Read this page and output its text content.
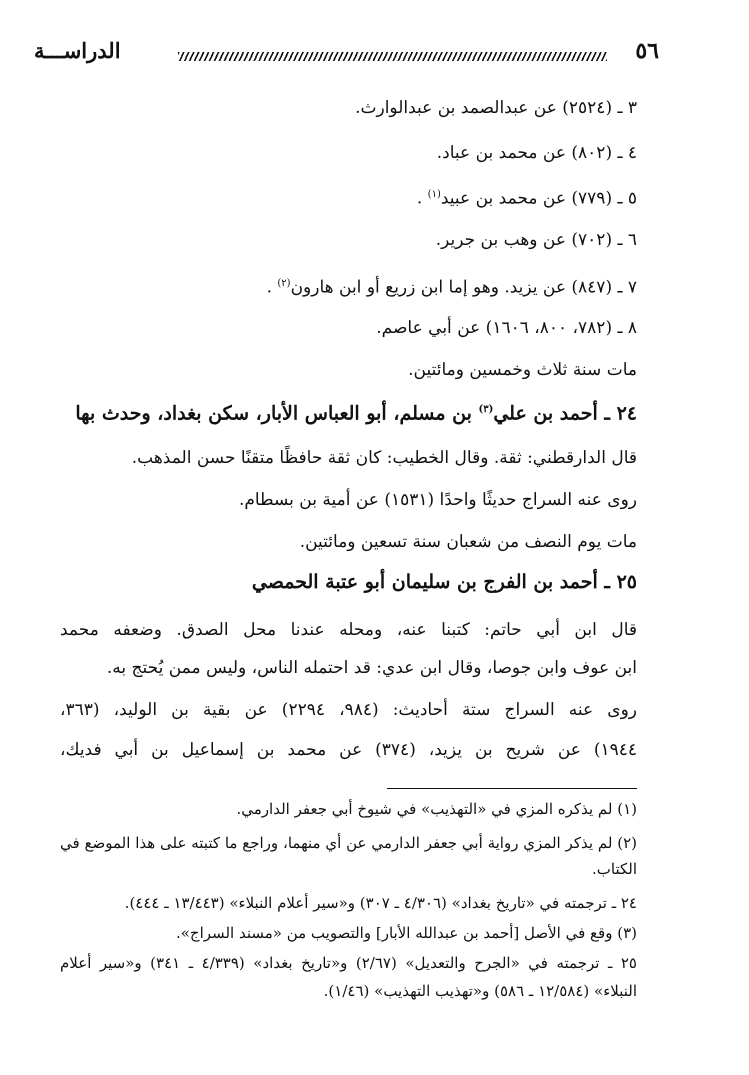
٥٦
الدراســـة
٣ ـ (٢٥٢٤) عن عبدالصمد بن عبدالوارث.
٤ ـ (٨٠٢) عن محمد بن عباد.
٥ ـ (٧٧٩) عن محمد بن عبيد$^{(١)}$ .
٦ ـ (٧٠٢) عن وهب بن جرير.
٧ ـ (٨٤٧) عن يزيد. وهو إما ابن زريع أو ابن هارون$^{(٢)}$ .
٨ ـ (٧٨٢، ٨٠٠، ١٦٠٦) عن أبي عاصم.
مات سنة ثلاث وخمسين ومائتين.
٢٤ ـ أحمد بن علي$^{(٣)}$ بن مسلم، أبو العباس الأبار، سكن بغداد، وحدث بها
قال الدارقطني: ثقة. وقال الخطيب: كان ثقة حافظًا متقنًا حسن المذهب.
روى عنه السراج حديثًا واحدًا (١٥٣١) عن أمية بن بسطام.
مات يوم النصف من شعبان سنة تسعين ومائتين.
٢٥ ـ أحمد بن الفرج بن سليمان أبو عتبة الحمصي
قال ابن أبي حاتم: كتبنا عنه، ومحله عندنا محل الصدق. وضعفه محمد
ابن عوف وابن جوصا، وقال ابن عدي: قد احتمله الناس، وليس ممن يُحتج به.
روى عنه السراج ستة أحاديث: (٩٨٤، ٢٢٩٤) عن بقية بن الوليد، (٣٦٣،
١٩٤٤) عن شريح بن يزيد، (٣٧٤) عن محمد بن إسماعيل بن أبي فديك،
(١) لم يذكره المزي في «التهذيب» في شيوخ أبي جعفر الدارمي.
(٢) لم يذكر المزي رواية أبي جعفر الدارمي عن أي منهما، وراجع ما كتبته على هذا الموضع في
الكتاب.
٢٤ ـ ترجمته في «تاريخ بغداد» (٤/٣٠٦ ـ ٣٠٧) و«سير أعلام النبلاء» (١٣/٤٤٣ ـ ٤٤٤).
(٣) وقع في الأصل [أحمد بن عبدالله الأبار] والتصويب من «مسند السراج».
٢٥ ـ ترجمته في «الجرح والتعديل» (٢/٦٧) و«تاريخ بغداد» (٤/٣٣٩ ـ ٣٤١) و«سير أعلام
النبلاء» (١٢/٥٨٤ ـ ٥٨٦) و«تهذيب التهذيب» (١/٤٦).
